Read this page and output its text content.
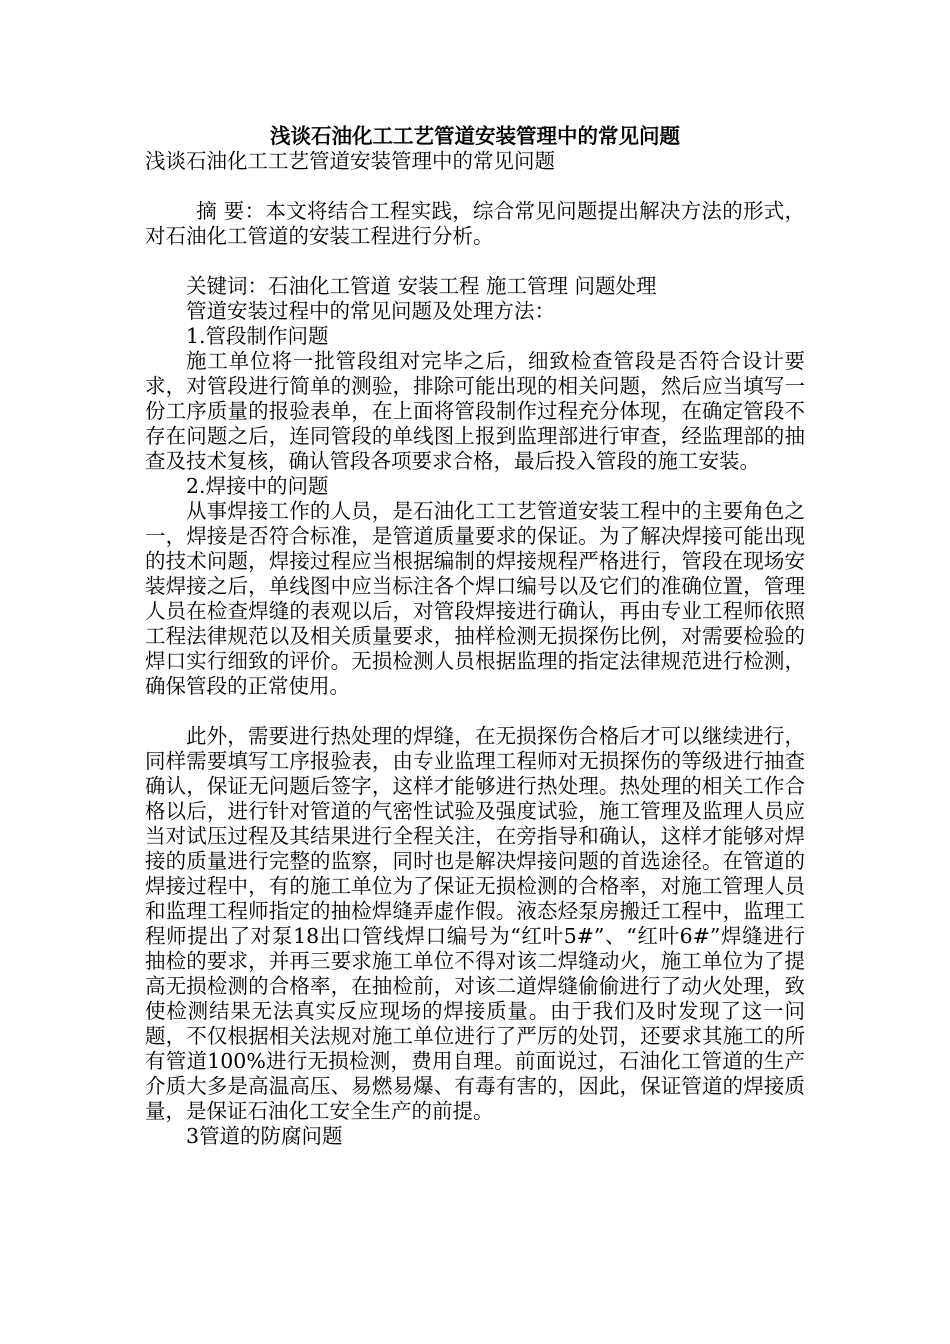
浅谈石油化工工艺管道安装管理中的常见问题

浅谈石油化工工艺管道安装管理中的常见问题

摘 要：本文将结合工程实践，综合常见问题提出解决方法的形式，对石油化工管道的安装工程进行分析。

关键词：石油化工管道 安装工程 施工管理 问题处理

管道安装过程中的常见问题及处理方法：

1.管段制作问题

施工单位将一批管段组对完毕之后，细致检查管段是否符合设计要求，对管段进行简单的测验，排除可能出现的相关问题，然后应当填写一份工序质量的报验表单，在上面将管段制作过程充分体现，在确定管段不存在问题之后，连同管段的单线图上报到监理部进行审查，经监理部的抽查及技术复核，确认管段各项要求合格，最后投入管段的施工安装。

2.焊接中的问题

从事焊接工作的人员，是石油化工工艺管道安装工程中的主要角色之一，焊接是否符合标准，是管道质量要求的保证。为了解决焊接可能出现的技术问题，焊接过程应当根据编制的焊接规程严格进行，管段在现场安装焊接之后，单线图中应当标注各个焊口编号以及它们的准确位置，管理人员在检查焊缝的表观以后，对管段焊接进行确认，再由专业工程师依照工程法律规范以及相关质量要求，抽样检测无损探伤比例，对需要检验的焊口实行细致的评价。无损检测人员根据监理的指定法律规范进行检测，确保管段的正常使用。

此外，需要进行热处理的焊缝，在无损探伤合格后才可以继续进行，同样需要填写工序报验表，由专业监理工程师对无损探伤的等级进行抽查确认，保证无问题后签字，这样才能够进行热处理。热处理的相关工作合格以后，进行针对管道的气密性试验及强度试验，施工管理及监理人员应当对试压过程及其结果进行全程关注，在旁指导和确认，这样才能够对焊接的质量进行完整的监察，同时也是解决焊接问题的首选途径。在管道的焊接过程中，有的施工单位为了保证无损检测的合格率，对施工管理人员和监理工程师指定的抽检焊缝弄虚作假。液态烃泵房搬迁工程中，监理工程师提出了对泵18出口管线焊口编号为“红叶5#”、“红叶6#”焊缝进行抽检的要求，并再三要求施工单位不得对该二焊缝动火，施工单位为了提高无损检测的合格率，在抽检前，对该二道焊缝偷偷进行了动火处理，致使检测结果无法真实反应现场的焊接质量。由于我们及时发现了这一问题，不仅根据相关法规对施工单位进行了严厉的处罚，还要求其施工的所有管道100%进行无损检测，费用自理。前面说过，石油化工管道的生产介质大多是高温高压、易燃易爆、有毒有害的，因此，保证管道的焊接质量，是保证石油化工安全生产的前提。

3管道的防腐问题
